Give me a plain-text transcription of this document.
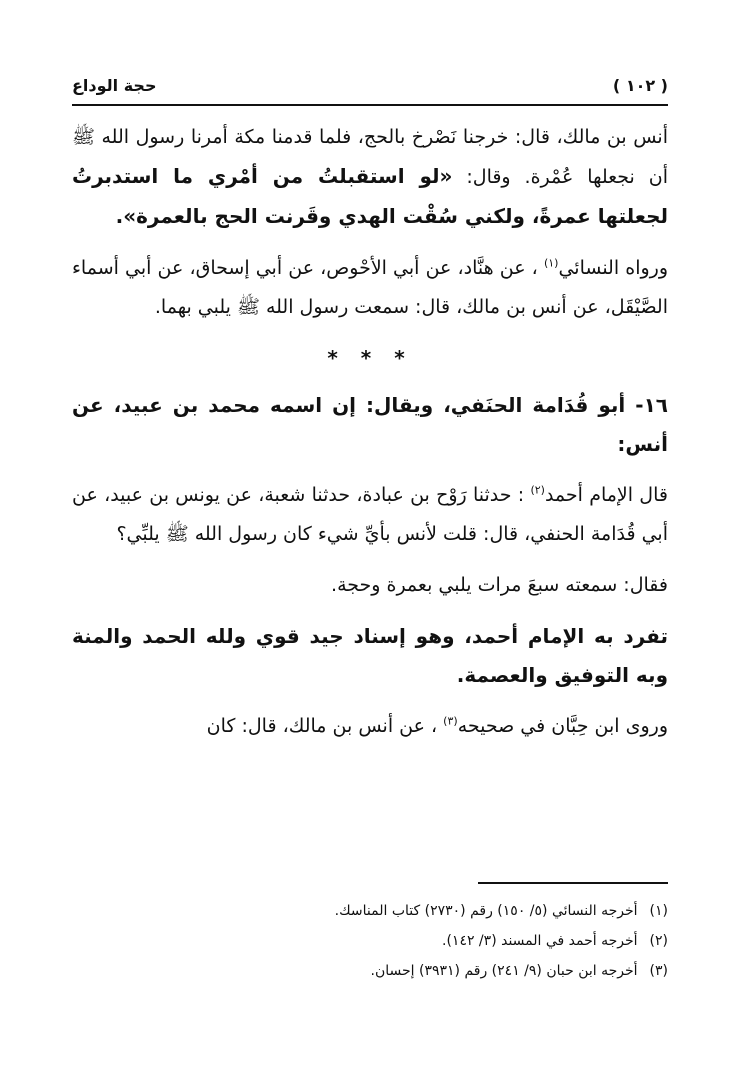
( ١٠٢ )
حجة الوداع

أنس بن مالك، قال: خرجنا نَصْرخ بالحج، فلما قدمنا مكة أمرنا رسول الله ﷺ أن نجعلها عُمْرة. وقال: «لو استقبلتُ من أمْري ما استدبرتُ لجعلتها عمرةً، ولكني سُقْت الهدي وقَرنت الحج بالعمرة».

ورواه النسائي$^{(١)}$ ، عن هنَّاد، عن أبي الأحْوص، عن أبي إسحاق، عن أبي أسماء الصَّيْقَل، عن أنس بن مالك، قال: سمعت رسول الله ﷺ يلبي بهما.

* * *

١٦- أبو قُدَامة الحنَفي، ويقال: إن اسمه محمد بن عبيد، عن أنس:

قال الإمام أحمد$^{(٢)}$ : حدثنا رَوْح بن عبادة، حدثنا شعبة، عن يونس بن عبيد، عن أبي قُدَامة الحنفي، قال: قلت لأنس بأيِّ شيء كان رسول الله ﷺ يلبِّي؟

فقال: سمعته سبعَ مرات يلبي بعمرة وحجة.

تفرد به الإمام أحمد، وهو إسناد جيد قوي ولله الحمد والمنة وبه التوفيق والعصمة.

وروى ابن حِبَّان في صحيحه$^{(٣)}$ ، عن أنس بن مالك، قال: كان

(١) أخرجه النسائي (٥/ ١٥٠) رقم (٢٧٣٠) كتاب المناسك.

(٢) أخرجه أحمد في المسند (٣/ ١٤٢).

(٣) أخرجه ابن حبان (٩/ ٢٤١) رقم (٣٩٣١) إحسان.
